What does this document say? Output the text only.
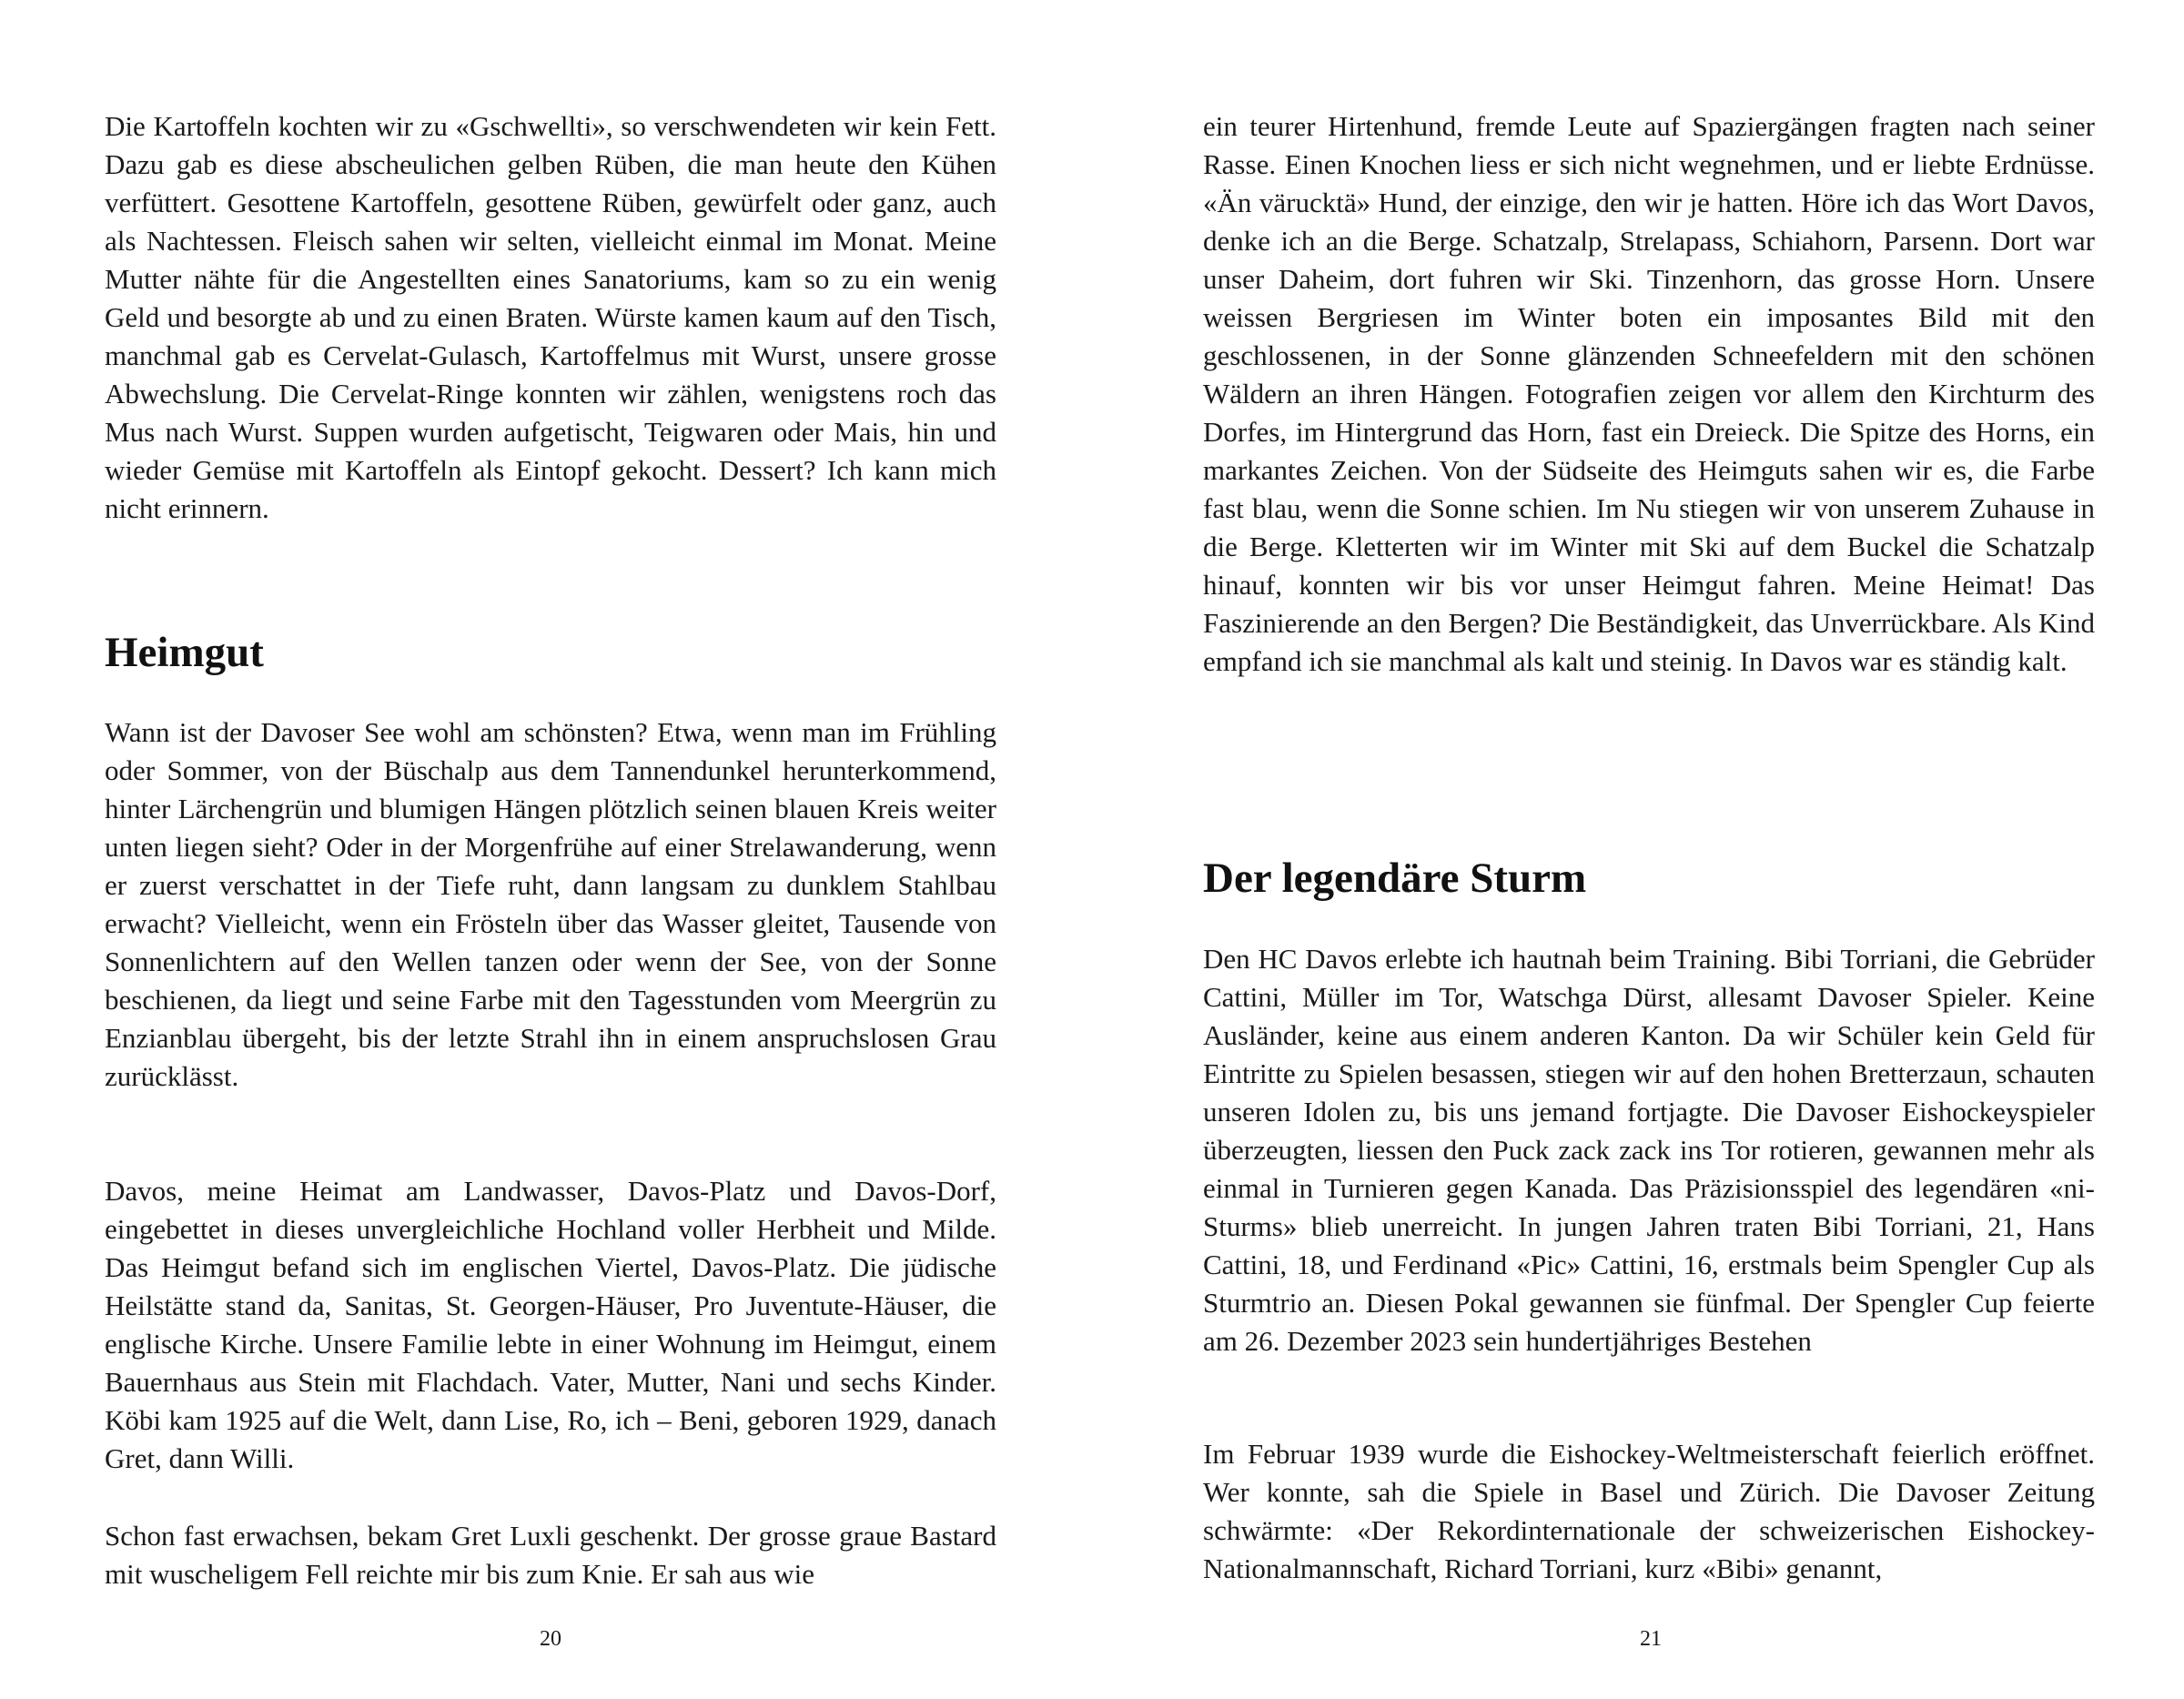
Die Kartoffeln kochten wir zu «Gschwellti», so verschwendeten wir kein Fett. Dazu gab es diese abscheulichen gelben Rüben, die man heute den Kühen verfüttert. Gesottene Kartoffeln, gesottene Rüben, gewürfelt oder ganz, auch als Nachtessen. Fleisch sahen wir selten, vielleicht einmal im Monat. Meine Mutter nähte für die Angestellten eines Sanatoriums, kam so zu ein wenig Geld und besorgte ab und zu einen Braten. Würste kamen kaum auf den Tisch, manchmal gab es Cervelat-Gulasch, Kartoffelmus mit Wurst, unsere grosse Abwechslung. Die Cervelat-Ringe konnten wir zählen, wenigstens roch das Mus nach Wurst. Suppen wurden aufgetischt, Teigwaren oder Mais, hin und wieder Gemüse mit Kartoffeln als Eintopf gekocht. Dessert? Ich kann mich nicht erinnern.

Heimgut

Wann ist der Davoser See wohl am schönsten? Etwa, wenn man im Frühling oder Sommer, von der Büschalp aus dem Tannendunkel herunterkommend, hinter Lärchengrün und blumigen Hängen plötzlich seinen blauen Kreis weiter unten liegen sieht? Oder in der Morgenfrühe auf einer Strelawanderung, wenn er zuerst verschattet in der Tiefe ruht, dann langsam zu dunklem Stahlbau erwacht? Vielleicht, wenn ein Frösteln über das Wasser gleitet, Tausende von Sonnenlichtern auf den Wellen tanzen oder wenn der See, von der Sonne beschienen, da liegt und seine Farbe mit den Tagesstunden vom Meergrün zu Enzianblau übergeht, bis der letzte Strahl ihn in einem anspruchslosen Grau zurücklässt.

Davos, meine Heimat am Landwasser, Davos-Platz und Davos-Dorf, eingebettet in dieses unvergleichliche Hochland voller Herbheit und Milde. Das Heimgut befand sich im englischen Viertel, Davos-Platz. Die jüdische Heilstätte stand da, Sanitas, St. Georgen-Häuser, Pro Juventute-Häuser, die englische Kirche. Unsere Familie lebte in einer Wohnung im Heimgut, einem Bauernhaus aus Stein mit Flachdach. Vater, Mutter, Nani und sechs Kinder. Köbi kam 1925 auf die Welt, dann Lise, Ro, ich – Beni, geboren 1929, danach Gret, dann Willi.

Schon fast erwachsen, bekam Gret Luxli geschenkt. Der grosse graue Bastard mit wuscheligem Fell reichte mir bis zum Knie. Er sah aus wie

20

ein teurer Hirtenhund, fremde Leute auf Spaziergängen fragten nach seiner Rasse. Einen Knochen liess er sich nicht wegnehmen, und er liebte Erdnüsse. «Än värucktä» Hund, der einzige, den wir je hatten. Höre ich das Wort Davos, denke ich an die Berge. Schatzalp, Strelapass, Schiahorn, Parsenn. Dort war unser Daheim, dort fuhren wir Ski. Tinzenhorn, das grosse Horn. Unsere weissen Bergriesen im Winter boten ein imposantes Bild mit den geschlossenen, in der Sonne glänzenden Schneefeldern mit den schönen Wäldern an ihren Hängen. Fotografien zeigen vor allem den Kirchturm des Dorfes, im Hintergrund das Horn, fast ein Dreieck. Die Spitze des Horns, ein markantes Zeichen. Von der Südseite des Heimguts sahen wir es, die Farbe fast blau, wenn die Sonne schien. Im Nu stiegen wir von unserem Zuhause in die Berge. Kletterten wir im Winter mit Ski auf dem Buckel die Schatzalp hinauf, konnten wir bis vor unser Heimgut fahren. Meine Heimat! Das Faszinierende an den Bergen? Die Beständigkeit, das Unverrückbare. Als Kind empfand ich sie manchmal als kalt und steinig. In Davos war es ständig kalt.

Der legendäre Sturm

Den HC Davos erlebte ich hautnah beim Training. Bibi Torriani, die Gebrüder Cattini, Müller im Tor, Watschga Dürst, allesamt Davoser Spieler. Keine Ausländer, keine aus einem anderen Kanton. Da wir Schüler kein Geld für Eintritte zu Spielen besassen, stiegen wir auf den hohen Bretterzaun, schauten unseren Idolen zu, bis uns jemand fortjagte. Die Davoser Eishockeyspieler überzeugten, liessen den Puck zack zack ins Tor rotieren, gewannen mehr als einmal in Turnieren gegen Kanada. Das Präzisionsspiel des legendären «ni-Sturms» blieb unerreicht. In jungen Jahren traten Bibi Torriani, 21, Hans Cattini, 18, und Ferdinand «Pic» Cattini, 16, erstmals beim Spengler Cup als Sturmtrio an. Diesen Pokal gewannen sie fünfmal. Der Spengler Cup feierte am 26. Dezember 2023 sein hundertjähriges Bestehen

Im Februar 1939 wurde die Eishockey-Weltmeisterschaft feierlich eröffnet. Wer konnte, sah die Spiele in Basel und Zürich. Die Davoser Zeitung schwärmte: «Der Rekordinternationale der schweizerischen Eishockey-Nationalmannschaft, Richard Torriani, kurz «Bibi» genannt,

21
